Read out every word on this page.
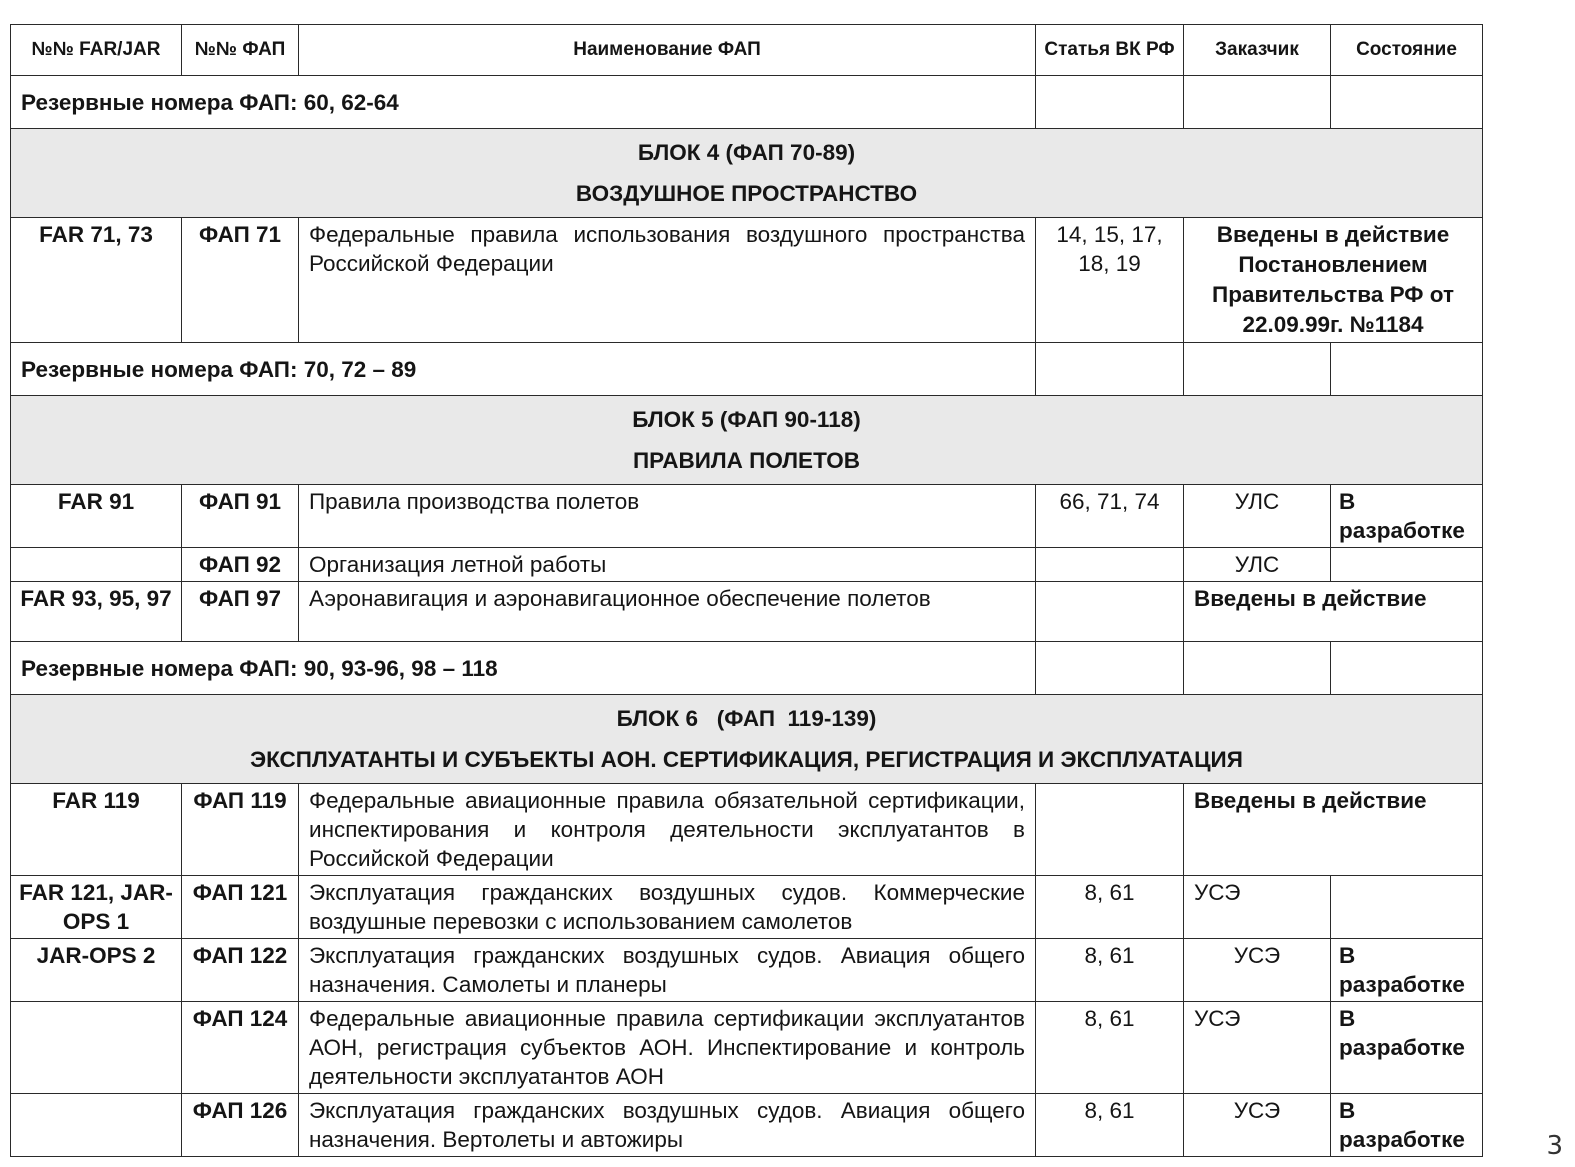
№№ FAR/JAR	№№ ФАП	Наименование ФАП	Статья ВК РФ	Заказчик	Состояние
Резервные номера ФАП: 60, 62-64					

БЛОК 4 (ФАП 70-89)
ВОЗДУШНОЕ ПРОСТРАНСТВО					

FAR 71, 73	ФАП 71	Федеральные правила использования воздушного пространства Российской Федерации	14, 15, 17, 18, 19	Введены в действие Постановлением Правительства РФ от 22.09.99г. №1184	
Резервные номера ФАП: 70, 72 – 89					

БЛОК 5 (ФАП 90-118)
ПРАВИЛА ПОЛЕТОВ					

FAR 91	ФАП 91	Правила производства полетов	66, 71, 74	УЛС	В разработке
	ФАП 92	Организация летной работы		УЛС	
FAR 93, 95, 97	ФАП 97	Аэронавигация и аэронавигационное обеспечение полетов		Введены в действие	
Резервные номера ФАП: 90, 93-96, 98 – 118					

БЛОК 6   (ФАП  119-139)
ЭКСПЛУАТАНТЫ И СУБЪЕКТЫ АОН. СЕРТИФИКАЦИЯ, РЕГИСТРАЦИЯ И ЭКСПЛУАТАЦИЯ					

FAR 119	ФАП 119	Федеральные авиационные правила обязательной сертификации, инспектирования и контроля деятельности эксплуатантов в Российской Федерации		Введены в действие	
FAR 121, JAR-OPS 1	ФАП 121	Эксплуатация гражданских воздушных судов. Коммерческие воздушные перевозки с использованием самолетов	8, 61	УСЭ	
JAR-OPS 2	ФАП 122	Эксплуатация гражданских воздушных судов. Авиация общего назначения. Самолеты и планеры	8, 61	УСЭ	В разработке
	ФАП 124	Федеральные авиационные правила сертификации эксплуатантов АОН, регистрация субъектов АОН. Инспектирование и контроль деятельности эксплуатантов АОН	8, 61	УСЭ	В разработке
	ФАП 126	Эксплуатация гражданских воздушных судов. Авиация общего назначения. Вертолеты и автожиры	8, 61	УСЭ	В разработке	3
